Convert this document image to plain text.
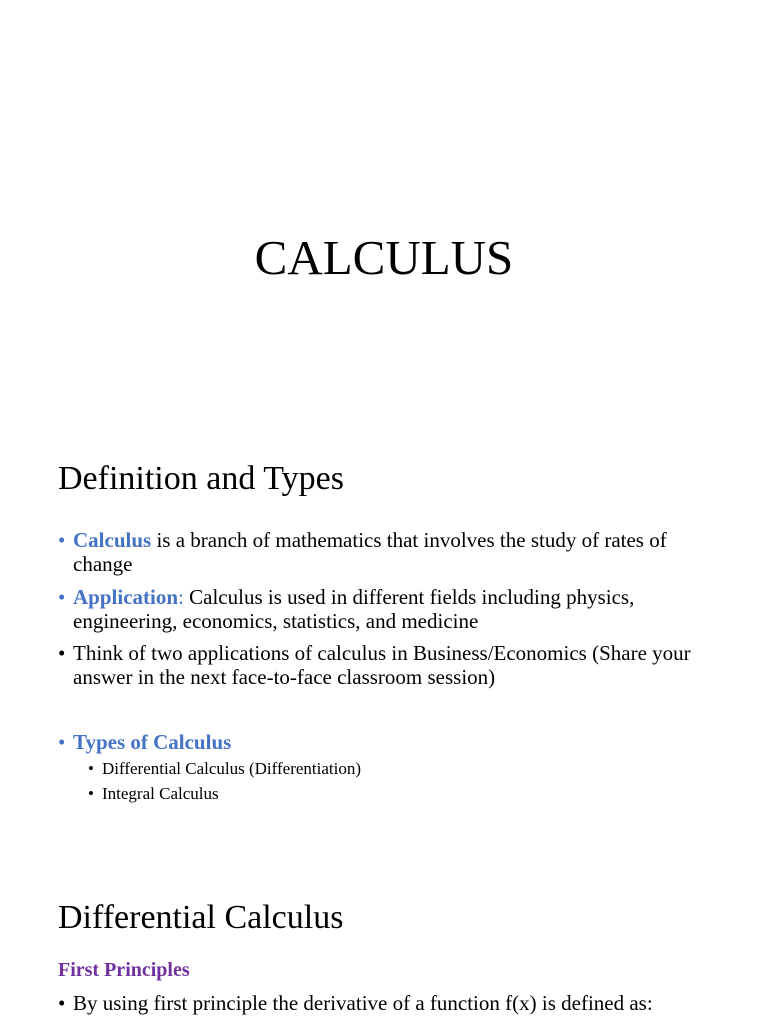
CALCULUS
Definition and Types
• Calculus is a branch of mathematics that involves the study of rates of change
• Application: Calculus is used in different fields including physics, engineering, economics, statistics, and medicine
• Think of two applications of calculus in Business/Economics (Share your answer in the next face-to-face classroom session)
• Types of Calculus
• Differential Calculus (Differentiation)
• Integral Calculus
Differential Calculus
First Principles
• By using first principle the derivative of a function f(x) is defined as:
